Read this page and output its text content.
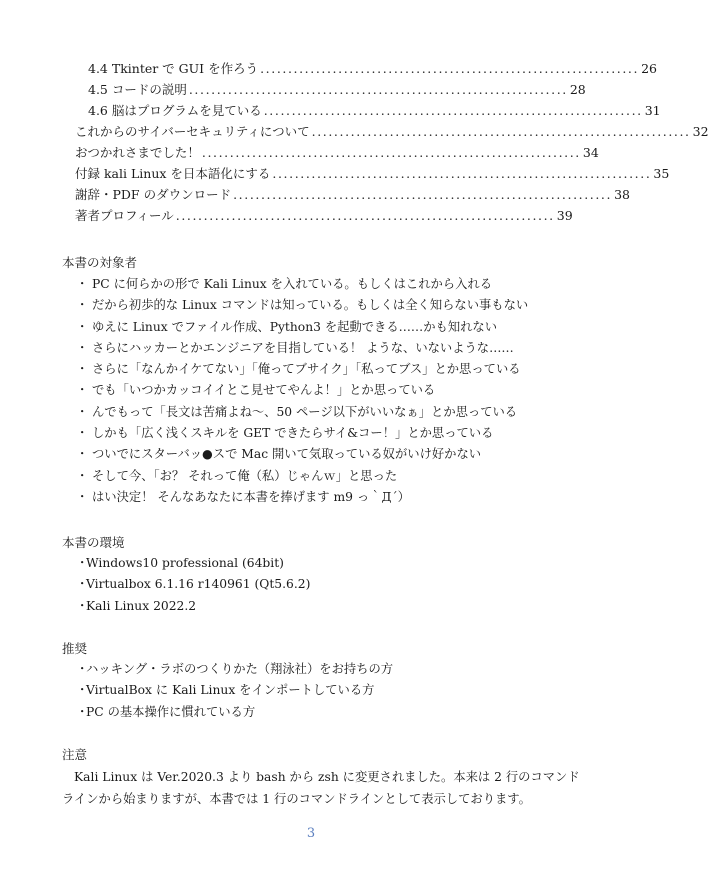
4.4 Tkinter で GUI を作ろう .................................................................... 26
4.5 コードの説明 .................................................................... 28
4.6 脳はプログラムを見ている .................................................................... 31
これからのサイバーセキュリティについて .................................................................... 32
おつかれさまでした！ .................................................................... 34
付録 kali Linux を日本語化にする .................................................................... 35
謝辞・PDF のダウンロード .................................................................... 38
著者プロフィール .................................................................... 39
本書の対象者
・ PC に何らかの形で Kali Linux を入れている。もしくはこれから入れる
・ だから初歩的な Linux コマンドは知っている。もしくは全く知らない事もない
・ ゆえに Linux でファイル作成、Python3 を起動できる……かも知れない
・ さらにハッカーとかエンジニアを目指している！ ような、いないような……
・ さらに「なんかイケてない」「俺ってブサイク」「私ってブス」とか思っている
・ でも「いつかカッコイイとこ見せてやんよ！」とか思っている
・ んでもって「長文は苦痛よね～、50 ページ以下がいいなぁ」とか思っている
・ しかも「広く浅くスキルを GET できたらサイ&コー！」とか思っている
・ ついでにスターバッ●スで Mac 開いて気取っている奴がいけ好かない
・ そして今、「お？ それって俺（私）じゃんｗ」と思った
・ はい決定！ そんなあなたに本書を捧げます m9 っ｀Д´）
本書の環境
・
Windows10 professional (64bit)
・
Virtualbox 6.1.16 r140961 (Qt5.6.2)
・
Kali Linux 2022.2
推奨
・
ハッキング・ラボのつくりかた（翔泳社）をお持ちの方
・
VirtualBox に Kali Linux をインポートしている方
・
PC の基本操作に慣れている方
注意
Kali Linux は Ver.2020.3 より bash から zsh に変更されました。本来は 2 行のコマンド
ラインから始まりますが、本書では 1 行のコマンドラインとして表示しております。
3
